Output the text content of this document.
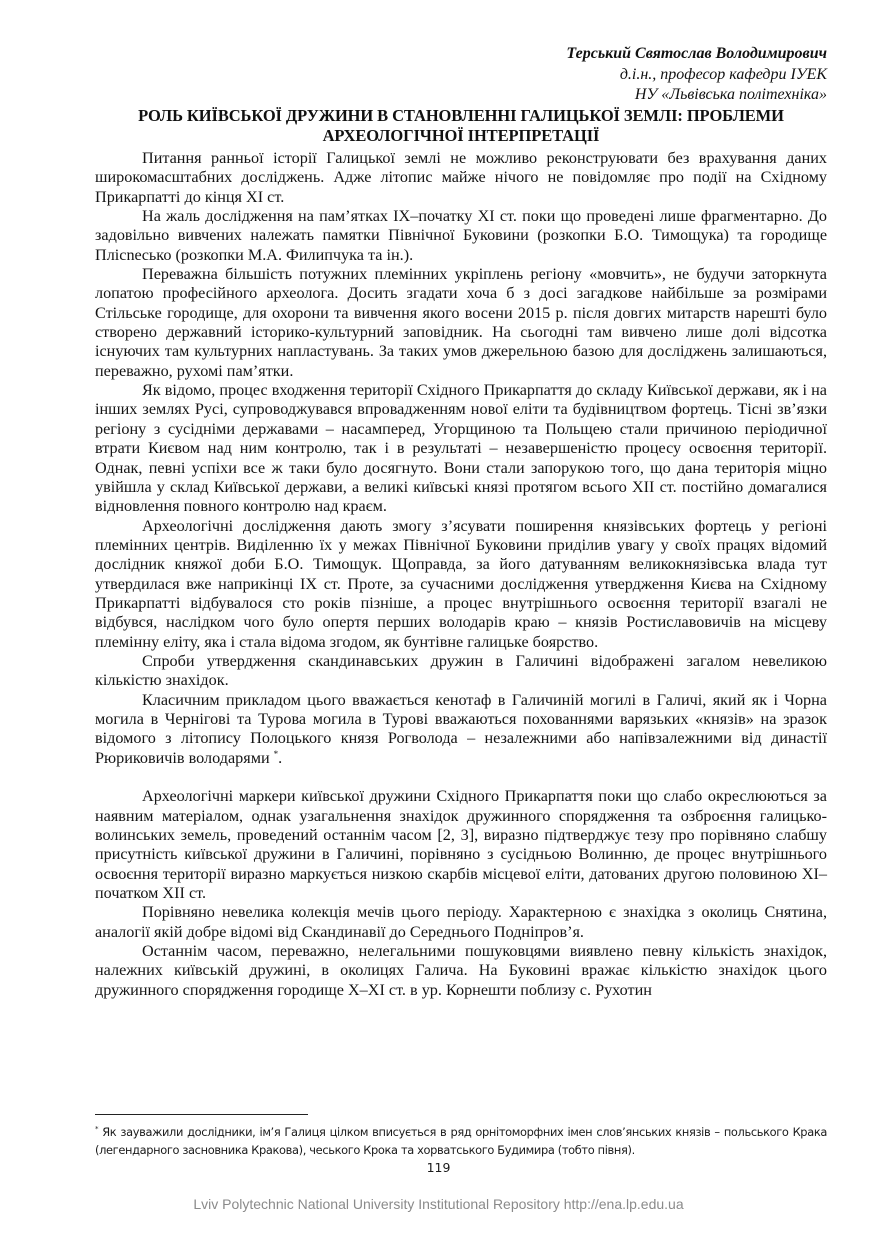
Терський Святослав Володимирович
д.і.н., професор кафедри ІУЕК
НУ «Львівська політехніка»
РОЛЬ КИЇВСЬКОЇ ДРУЖИНИ В СТАНОВЛЕННІ ГАЛИЦЬКОЇ ЗЕМЛІ: ПРОБЛЕМИ АРХЕОЛОГІЧНОЇ ІНТЕРПРЕТАЦІЇ

Питання ранньої історії Галицької землі не можливо реконструювати без врахування даних широкомасштабних досліджень. Адже літопис майже нічого не повідомляє про події на Східному Прикарпатті до кінця ХІ ст.

На жаль дослідження на пам’ятках ІХ–початку ХІ ст. поки що проведені лише фрагментарно. До задовільно вивчених належать памятки Північної Буковини (розкопки Б.О. Тимощука) та городище Плісneсько (розкопки М.А. Филипчука та ін.).

Переважна більшість потужних племінних укріплень регіону «мовчить», не будучи заторкнута лопатою професійного археолога. Досить згадати хоча б з досі загадкове найбільше за розмірами Стільське городище, для охорони та вивчення якого восени 2015 р. після довгих митарств нарешті було створено державний історико-культурний заповідник. На сьогодні там вивчено лише долі відсотка існуючих там культурних напластувань. За таких умов джерельною базою для досліджень залишаються, переважно, рухомі пам’ятки.

Як відомо, процес входження території Східного Прикарпаття до складу Київської держави, як і на інших землях Русі, супроводжувався впровадженням нової еліти та будівництвом фортець. Тісні зв’язки регіону з сусідніми державами – насамперед, Угорщиною та Польщею стали причиною періодичної втрати Києвом над ним контролю, так і в результаті – незавершеністю процесу освоєння території. Однак, певні успіхи все ж таки було досягнуто. Вони стали запорукою того, що дана територія міцно увійшла у склад Київської держави, а великі київські князі протягом всього ХІІ ст. постійно домагалися відновлення повного контролю над краєм.

Археологічні дослідження дають змогу з’ясувати поширення князівських фортець у регіоні племінних центрів. Виділенню їх у межах Північної Буковини приділив увагу у своїх працях відомий дослідник княжої доби Б.О. Тимощук. Щоправда, за його датуванням великокнязівська влада тут утвердилася вже наприкінці ІХ ст. Проте, за сучасними дослідження утвердження Києва на Східному Прикарпатті відбувалося сто років пізніше, а процес внутрішнього освоєння території взагалі не відбувся, наслідком чого було опертя перших володарів краю – князів Ростиславовичів на місцеву племінну еліту, яка і стала відома згодом, як бунтівне галицьке боярство.

Спроби утвердження скандинавських дружин в Галичині відображені загалом невеликою кількістю знахідок.

Класичним прикладом цього вважається кенотаф в Галичиній могилі в Галичі, який як і Чорна могила в Чернігові та Турова могила в Турові вважаються похованнями варязьких «князів» на зразок відомого з літопису Полоцького князя Рогволода – незалежними або напівзалежними від династії Рюриковичів володарями *.

Археологічні маркери київської дружини Східного Прикарпаття поки що слабо окреслюються за наявним матеріалом, однак узагальнення знахідок дружинного спорядження та озброєння галицько-волинських земель, проведений останнім часом [2, 3], виразно підтверджує тезу про порівняно слабшу присутність київської дружини в Галичині, порівняно з сусідньою Волинню, де процес внутрішнього освоєння території виразно маркується низкою скарбів місцевої еліти, датованих другою половиною ХІ–початком ХІІ ст.

Порівняно невелика колекція мечів цього періоду. Характерною є знахідка з околиць Снятина, аналогії якій добре відомі від Скандинавії до Середнього Подніпров’я.

Останнім часом, переважно, нелегальними пошуковцями виявлено певну кількість знахідок, належних київській дружині, в околицях Галича. На Буковині вражає кількістю знахідок цього дружинного спорядження городище Х–ХІ ст. в ур. Корнешти поблизу с. Рухотин

* Як зауважили дослідники, ім’я Галиця цілком вписується в ряд орнітоморфних імен слов’янських князів – польського Крака (легендарного засновника Кракова), чеського Крока та хорватського Будимира (тобто півня).
119
Lviv Polytechnic National University Institutional Repository http://ena.lp.edu.ua
